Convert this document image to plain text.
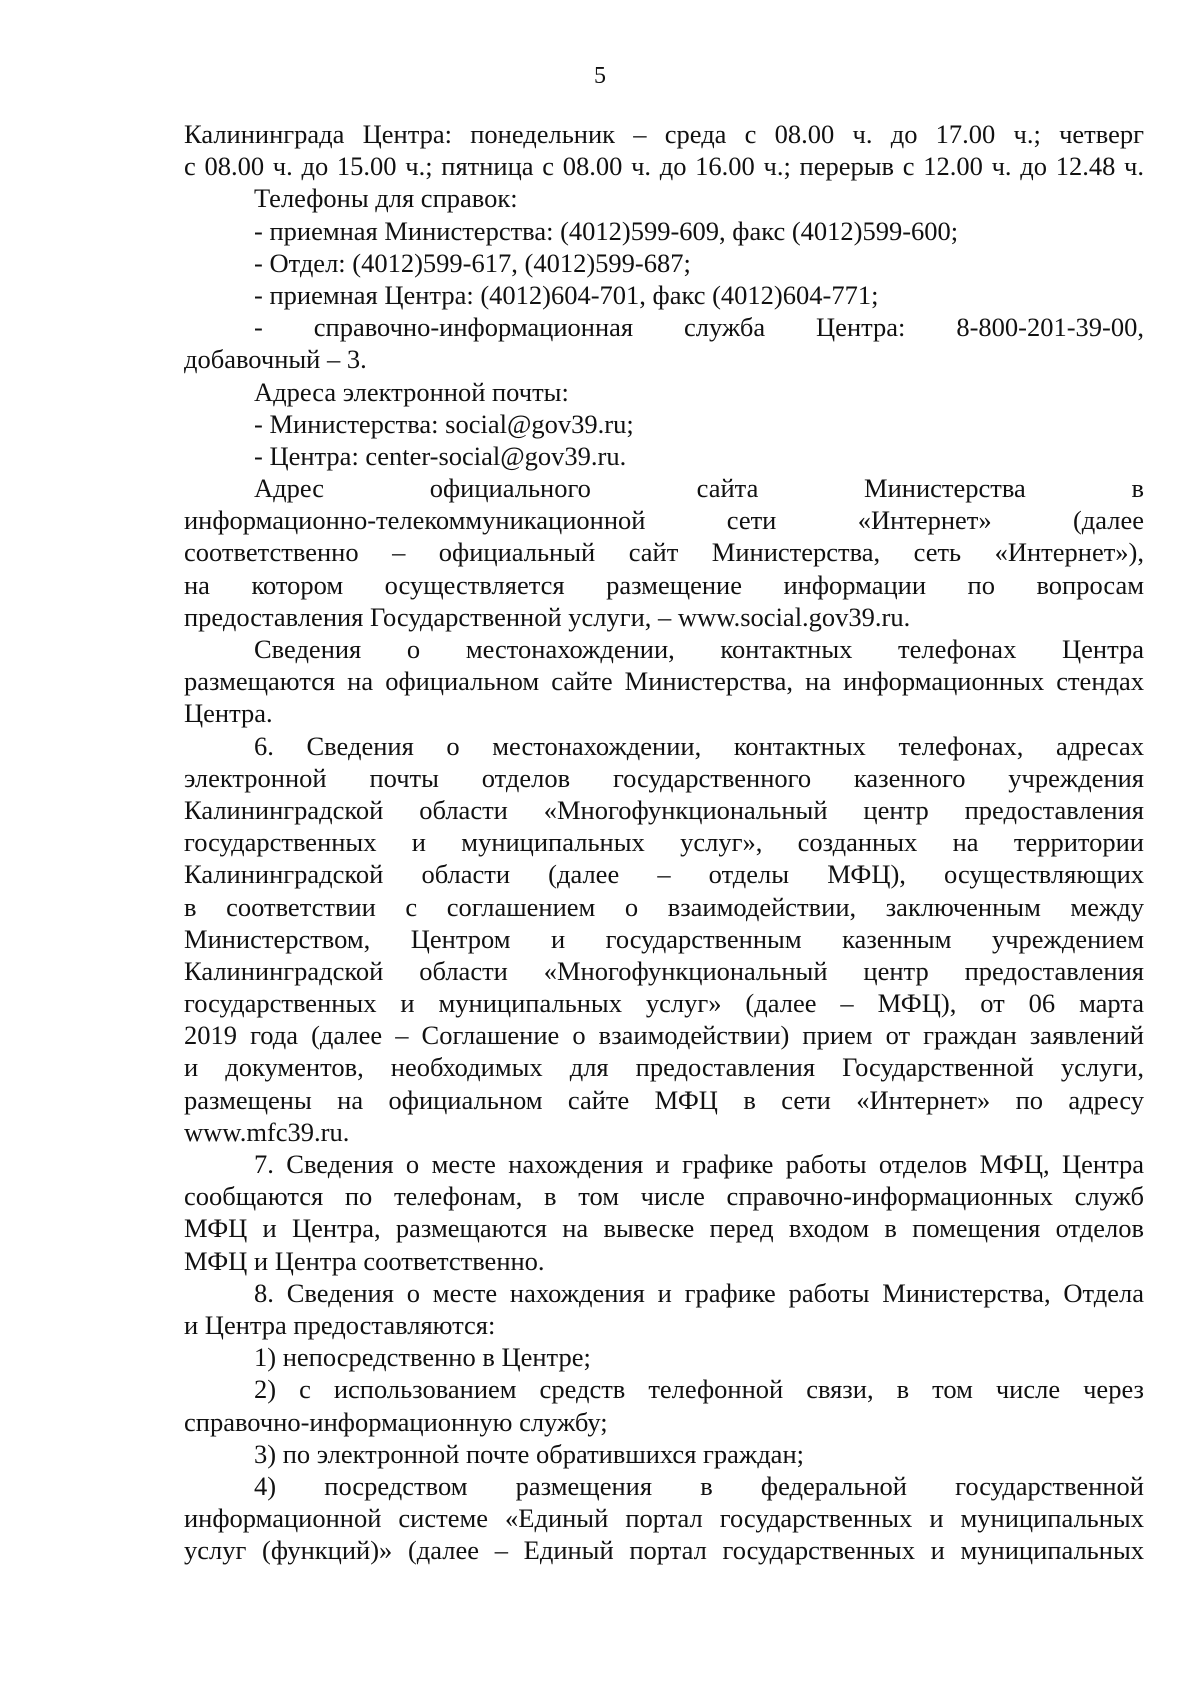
5
Калининграда Центра: понедельник – среда с 08.00 ч. до 17.00 ч.; четверг
с 08.00 ч. до 15.00 ч.; пятница с 08.00 ч. до 16.00 ч.; перерыв с 12.00 ч. до 12.48 ч.
Телефоны для справок:
- приемная Министерства: (4012)599-609, факс (4012)599-600;
- Отдел: (4012)599-617, (4012)599-687;
- приемная Центра: (4012)604-701, факс (4012)604-771;
- справочно-информационная служба Центра: 8-800-201-39-00,
добавочный – 3.
Адреса электронной почты:
- Министерства: social@gov39.ru;
- Центра: center-social@gov39.ru.
Адрес официального сайта Министерства в
информационно-телекоммуникационной сети «Интернет» (далее
соответственно – официальный сайт Министерства, сеть «Интернет»),
на котором осуществляется размещение информации по вопросам
предоставления Государственной услуги, – www.social.gov39.ru.
Сведения о местонахождении, контактных телефонах Центра
размещаются на официальном сайте Министерства, на информационных стендах
Центра.
6. Сведения о местонахождении, контактных телефонах, адресах
электронной почты отделов государственного казенного учреждения
Калининградской области «Многофункциональный центр предоставления
государственных и муниципальных услуг», созданных на территории
Калининградской области (далее – отделы МФЦ), осуществляющих
в соответствии с соглашением о взаимодействии, заключенным между
Министерством, Центром и государственным казенным учреждением
Калининградской области «Многофункциональный центр предоставления
государственных и муниципальных услуг» (далее – МФЦ), от 06 марта
2019 года (далее – Соглашение о взаимодействии) прием от граждан заявлений
и документов, необходимых для предоставления Государственной услуги,
размещены на официальном сайте МФЦ в сети «Интернет» по адресу
www.mfc39.ru.
7. Сведения о месте нахождения и графике работы отделов МФЦ, Центра
сообщаются по телефонам, в том числе справочно-информационных служб
МФЦ и Центра, размещаются на вывеске перед входом в помещения отделов
МФЦ и Центра соответственно.
8. Сведения о месте нахождения и графике работы Министерства, Отдела
и Центра предоставляются:
1) непосредственно в Центре;
2) с использованием средств телефонной связи, в том числе через
справочно-информационную службу;
3) по электронной почте обратившихся граждан;
4) посредством размещения в федеральной государственной
информационной системе «Единый портал государственных и муниципальных
услуг (функций)» (далее – Единый портал государственных и муниципальных
